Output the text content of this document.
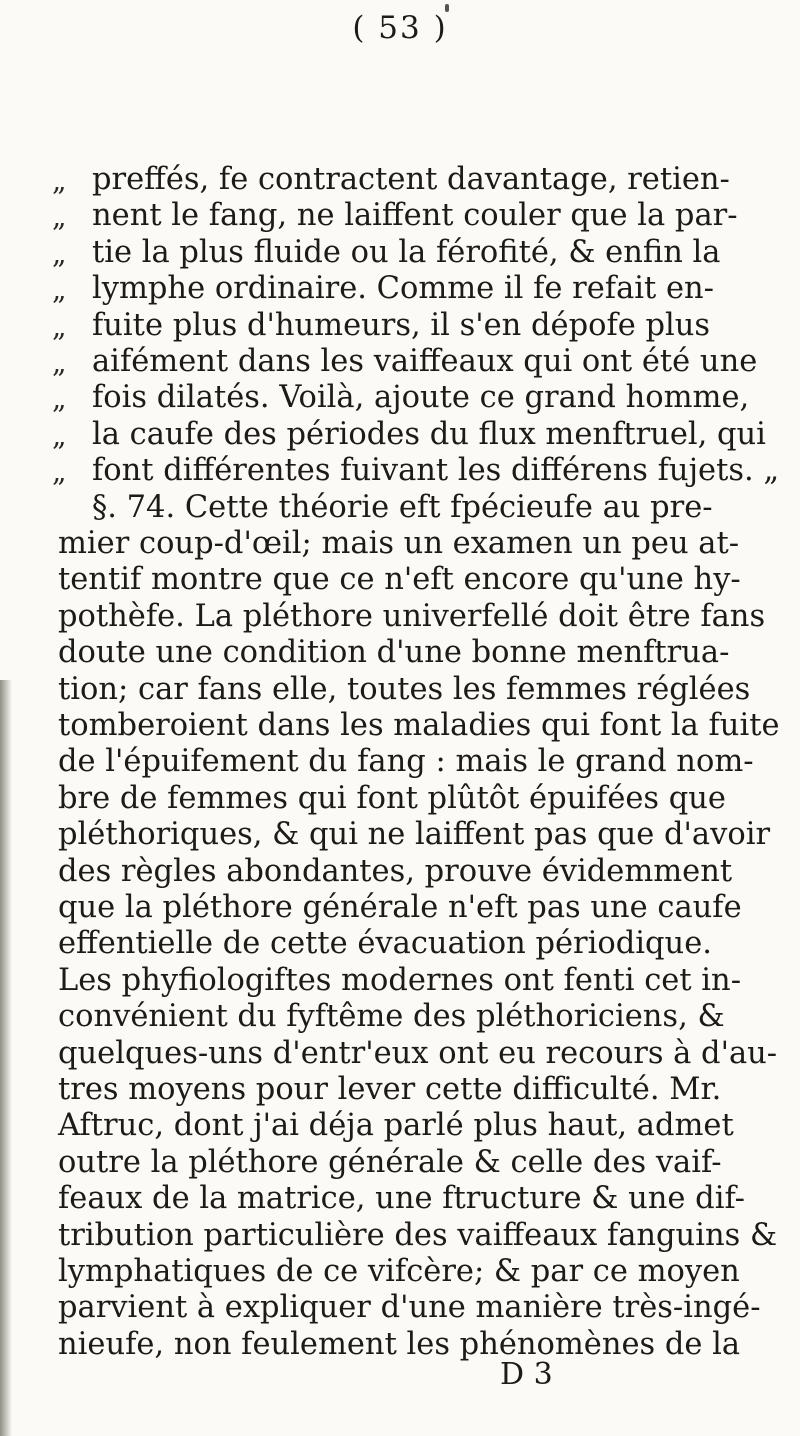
( 53 )
„
„
„
„
„
„
„
„
„
preffés, fe contractent davantage, retien-
nent le fang, ne laiffent couler que la par-
tie la plus fluide ou la férofité, & enfin la
lymphe ordinaire. Comme il fe refait en-
fuite plus d'humeurs, il s'en dépofe plus
aifément dans les vaiffeaux qui ont été une
fois dilatés. Voilà, ajoute ce grand homme,
la caufe des périodes du flux menftruel, qui
font différentes fuivant les différens fujets. „
§. 74. Cette théorie eft fpécieufe au pre-
mier coup-d'œil; mais un examen un peu at-
tentif montre que ce n'eft encore qu'une hy-
pothèfe. La pléthore univerfellé doit être fans
doute une condition d'une bonne menftrua-
tion; car fans elle, toutes les femmes réglées
tomberoient dans les maladies qui font la fuite
de l'épuifement du fang : mais le grand nom-
bre de femmes qui font plûtôt épuifées que
pléthoriques, & qui ne laiffent pas que d'avoir
des règles abondantes, prouve évidemment
que la pléthore générale n'eft pas une caufe
effentielle de cette évacuation périodique.
Les phyfiologiftes modernes ont fenti cet in-
convénient du fyftême des pléthoriciens, &
quelques-uns d'entr'eux ont eu recours à d'au-
tres moyens pour lever cette difficulté. Mr.
Aftruc, dont j'ai déja parlé plus haut, admet
outre la pléthore générale & celle des vaif-
feaux de la matrice, une ftructure & une dif-
tribution particulière des vaiffeaux fanguins &
lymphatiques de ce vifcère; & par ce moyen
parvient à expliquer d'une manière très-ingé-
nieufe, non feulement les phénomènes de la
D 3
